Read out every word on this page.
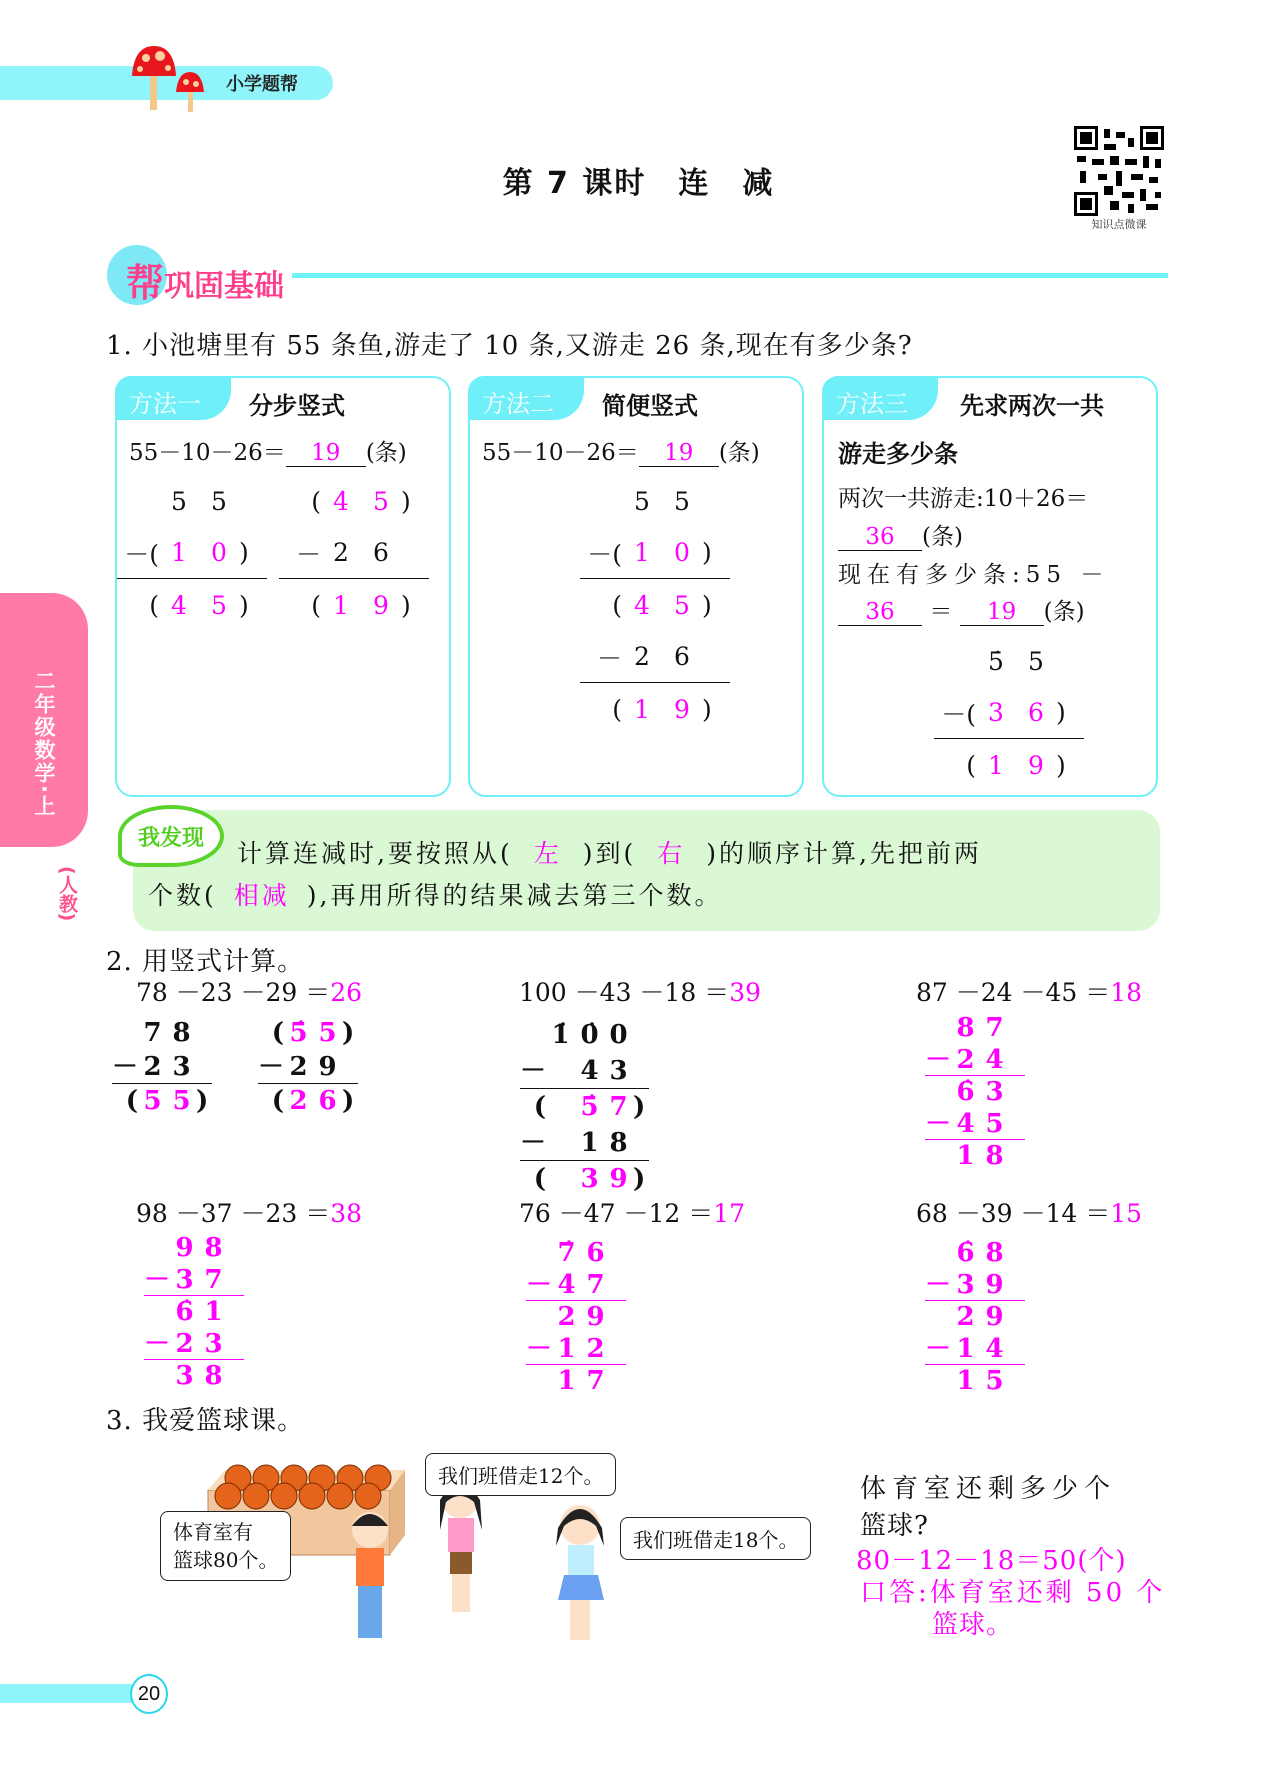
小学题帮
第 7 课时　连　减
知识点微课
帮巩固基础
二年级数学·上
(人教)
1. 小池塘里有 55 条鱼,游走了 10 条,又游走 26 条,现在有多少条?
方法一	分步竖式
55－10－26＝ 19 (条)
5 5
－( 1 0 )
( 4 5 )
( 4̇ 5 )
－ 2 6
( 1 9 )
方法二	简便竖式
55－10－26＝ 19 (条)
5 5
－( 1 0 )
( 4̇ 5 )
－ 2 6
( 1 9 )
方法三	先求两次一共
游走多少条
两次一共游走:10＋26＝
36 (条)
现在有多少条:55 －
36 ＝ 19 (条)
5̇ 5
－( 3 6 )
( 1 9 )
计算连减时,要按照从( 左 )到( 右 )的顺序计算,先把前两
个数( 相减 ),再用所得的结果减去第三个数。
我发现
2. 用竖式计算。
78 －23 －29 ＝26	100 －43 －18 ＝39	87 －24 －45 ＝18
98 －37 －23 ＝38	76 －47 －12 ＝17	68 －39 －14 ＝15
7 8
－ 2 3
( 5 5 )
( 5̇ 5 )
－ 2 9
( 2 6 )
1̇ 0̇ 0
－ 4 3
( 5̇ 7 )
－ 1 8
( 3 9 )
8 7
－ 2 4
6̇ 3
－ 4 5
1 8
9 8
－ 3 7
6̇ 1
－ 2 3
3 8
7̇ 6
－ 4 7
2 9
－ 1 2
1 7
6̇ 8
－ 3 9
2 9
－ 1 4
1 5
3. 我爱篮球课。
体育室有
篮球80个。
我们班借走12个。
我们班借走18个。
体育室还剩多少个
篮球?
80－12－18＝50(个)
口答:体育室还剩 50 个
篮球。
20
